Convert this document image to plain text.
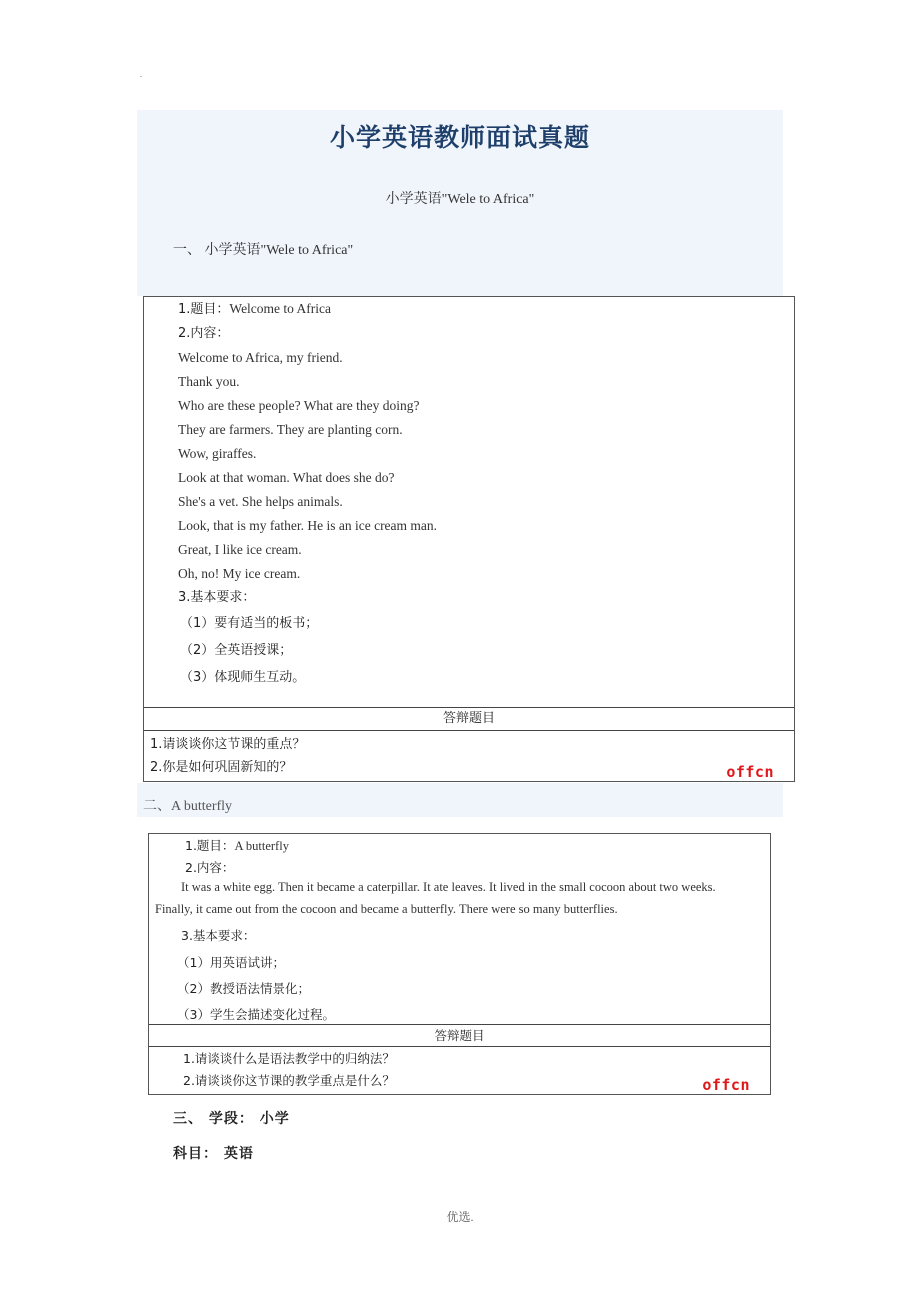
.
小学英语教师面试真题
小学英语"Wele to Africa"
一、 小学英语"Wele to Africa"
1.题目：Welcome to Africa
2.内容：
Welcome to Africa, my friend.
Thank you.
Who are these people? What are they doing?
They are farmers. They are planting corn.
Wow, giraffes.
Look at that woman. What does she do?
She's a vet. She helps animals.
Look, that is my father. He is an ice cream man.
Great, I like ice cream.
Oh, no! My ice cream.
3.基本要求：
（1）要有适当的板书；
（2）全英语授课；
（3）体现师生互动。
答辩题目
1.请谈谈你这节课的重点？
2.你是如何巩固新知的？	offcn
二、A butterfly
1.题目：A butterfly
2.内容：
It was a white egg. Then it became a caterpillar. It ate leaves. It lived in the small cocoon about two weeks.
Finally, it came out from the cocoon and became a butterfly. There were so many butterflies.
3.基本要求：
（1）用英语试讲；
（2）教授语法情景化；
（3）学生会描述变化过程。
答辩题目
1.请谈谈什么是语法教学中的归纳法？
2.请谈谈你这节课的教学重点是什么？	offcn
三、 学段： 小学
科目： 英语
优选.
